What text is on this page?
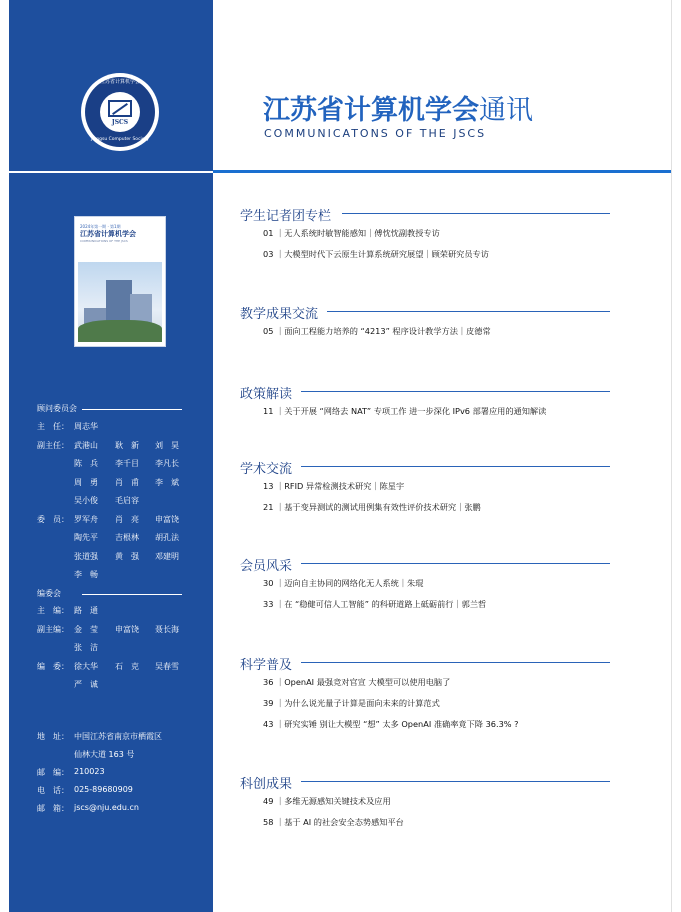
江苏省计算机学会
JSCS
Jiangsu Computer Society
2024年第一期 · 第1期
江苏省计算机学会
COMMUNICATIONS OF THE JSCS
江苏省计算机学会通讯
COMMUNICATONS OF THE JSCS
顾问委员会
主　任： 周志华
副主任： 武港山 耿　新 刘　昊
陈　兵 李千目 李凡长
周　勇 肖　甫 李　斌
吴小俊 毛启容
委　员： 罗军舟 肖　亮 申富饶
陶先平 吉根林 胡孔法
张道强 黄　强 邓建明
李　畅
编委会
主　编： 路　通
副主编： 金　莹 申富饶 聂长海
张　洁
编　委： 徐大华 石　克 吴春雪
严　诚
地　址： 中国江苏省南京市栖霞区
仙林大道 163 号
邮　编： 210023
电　话： 025-89680909
邮　箱： jscs@nju.edu.cn
学生记者团专栏
01 ｜无人系统时敏智能感知｜傅忱忱副教授专访
03 ｜大模型时代下云原生计算系统研究展望｜顾荣研究员专访
教学成果交流
05 ｜面向工程能力培养的 “4213” 程序设计教学方法｜皮德常
政策解读
11 ｜关于开展 “网络去 NAT” 专项工作 进一步深化 IPv6 部署应用的通知解读
学术交流
13 ｜RFID 异常检测技术研究｜陈星宇
21 ｜基于变异测试的测试用例集有效性评价技术研究｜张鹏
会员风采
30 ｜迈向自主协同的网络化无人系统｜朱琨
33 ｜在 “稳健可信人工智能” 的科研道路上砥砺前行｜郭兰哲
科学普及
36 ｜OpenAI 最强竞对官宣 大模型可以使用电脑了
39 ｜为什么说光量子计算是面向未来的计算范式
43 ｜研究实锤 别让大模型 “想” 太多 OpenAI 准确率竟下降 36.3% ?
科创成果
49 ｜多维无源感知关键技术及应用
58 ｜基于 AI 的社会安全态势感知平台
